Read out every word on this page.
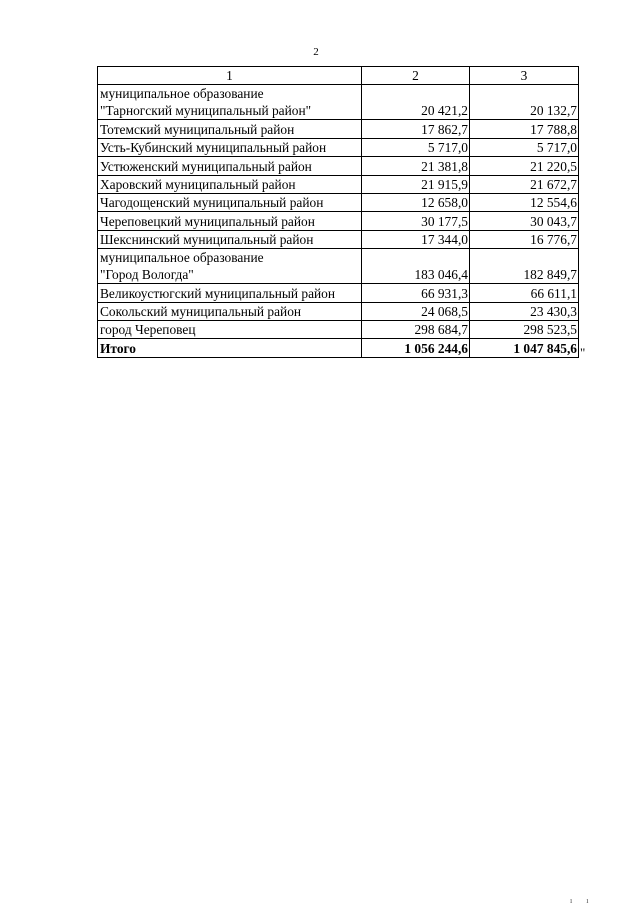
2
1	2	3

муниципальное образование
"Тарногский муниципальный район"	20 421,2	20 132,7
Тотемский муниципальный район	17 862,7	17 788,8
Усть-Кубинский муниципальный район	5 717,0	5 717,0
Устюженский муниципальный район	21 381,8	21 220,5
Харовский муниципальный район	21 915,9	21 672,7
Чагодощенский муниципальный район	12 658,0	12 554,6
Череповецкий муниципальный район	30 177,5	30 043,7
Шекснинский муниципальный район	17 344,0	16 776,7

муниципальное образование
"Город Вологда"	183 046,4	182 849,7
Великоустюгский муниципальный район	66 931,3	66 611,1
Сокольский муниципальный район	24 068,5	23 430,3
город Череповец	298 684,7	298 523,5
Итого	1 056 244,6	1 047 845,6 "
ı ı
